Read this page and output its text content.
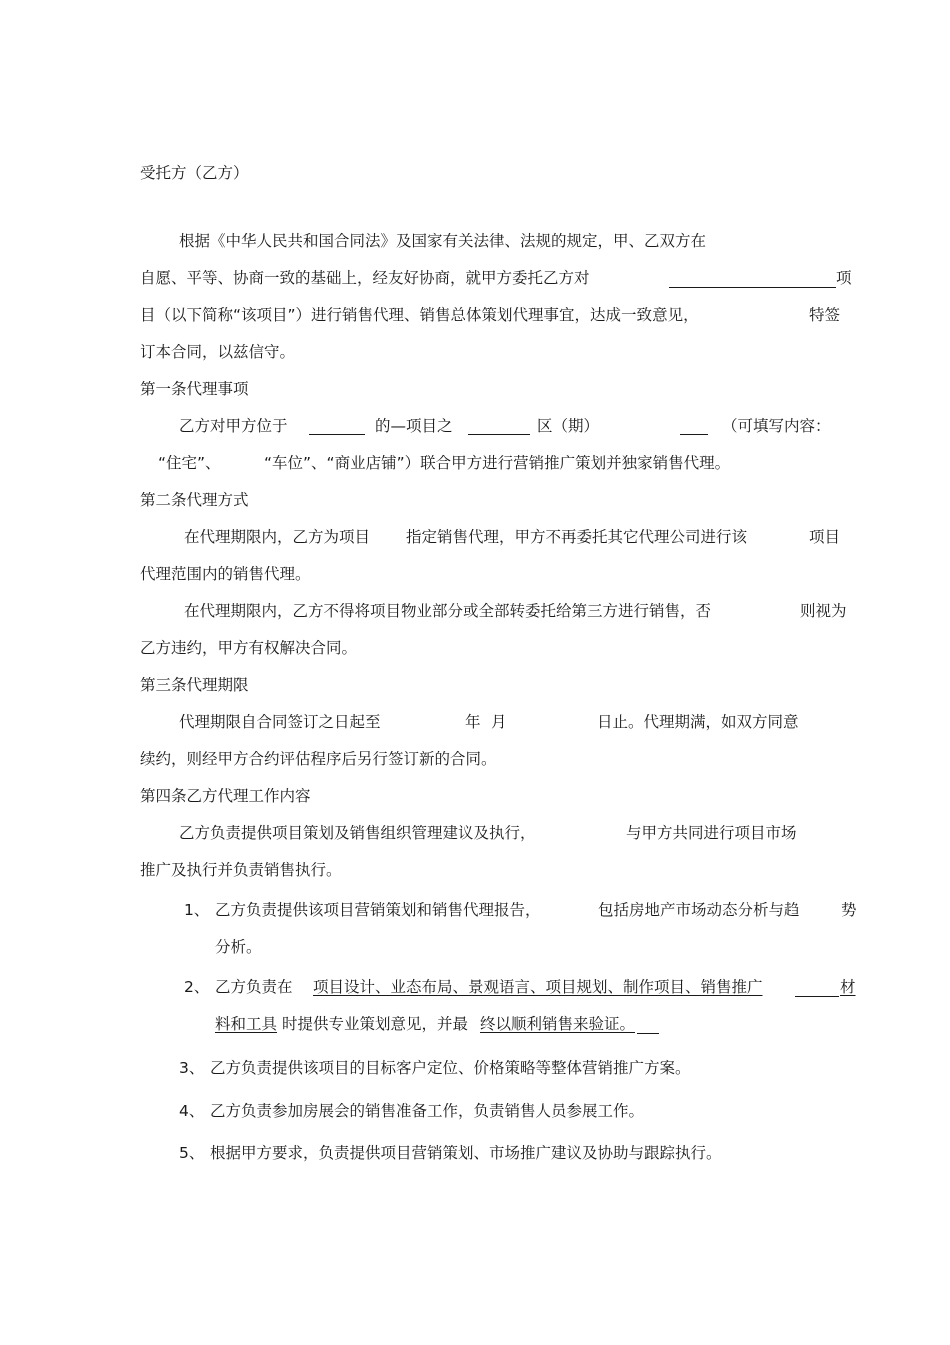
受托方（乙方）
根据《中华人民共和国合同法》及国家有关法律、法规的规定，甲、乙双方在
自愿、平等、协商一致的基础上，经友好协商，就甲方委托乙方对	项
目（以下简称“该项目”）进行销售代理、销售总体策划代理事宜，达成一致意见，	特签
订本合同，以兹信守。
第一条代理事项
乙方对甲方位于	的—项目之	区（期）	（可填写内容：
“住宅”、	“车位”、“商业店铺”）联合甲方进行营销推广策划并独家销售代理。
第二条代理方式
在代理期限内，乙方为项目 指定销售代理，甲方不再委托其它代理公司进行该	项目
代理范围内的销售代理。
在代理期限内，乙方不得将项目物业部分或全部转委托给第三方进行销售，否	则视为
乙方违约，甲方有权解决合同。
第三条代理期限
代理期限自合同签订之日起至	年 月	日止。代理期满，如双方同意
续约，则经甲方合约评估程序后另行签订新的合同。
第四条乙方代理工作内容
乙方负责提供项目策划及销售组织管理建议及执行，	与甲方共同进行项目市场
推广及执行并负责销售执行。
1、 乙方负责提供该项目营销策划和销售代理报告，	包括房地产市场动态分析与趋	势
分析。
2、 乙方负责在 项目设计、业态布局、景观语言、项目规划、制作项目、销售推广	材
料和工具 时提供专业策划意见，并最 终以顺利销售来验证。
3、 乙方负责提供该项目的目标客户定位、价格策略等整体营销推广方案。
4、 乙方负责参加房展会的销售准备工作，负责销售人员参展工作。
5、 根据甲方要求，负责提供项目营销策划、市场推广建议及协助与跟踪执行。
